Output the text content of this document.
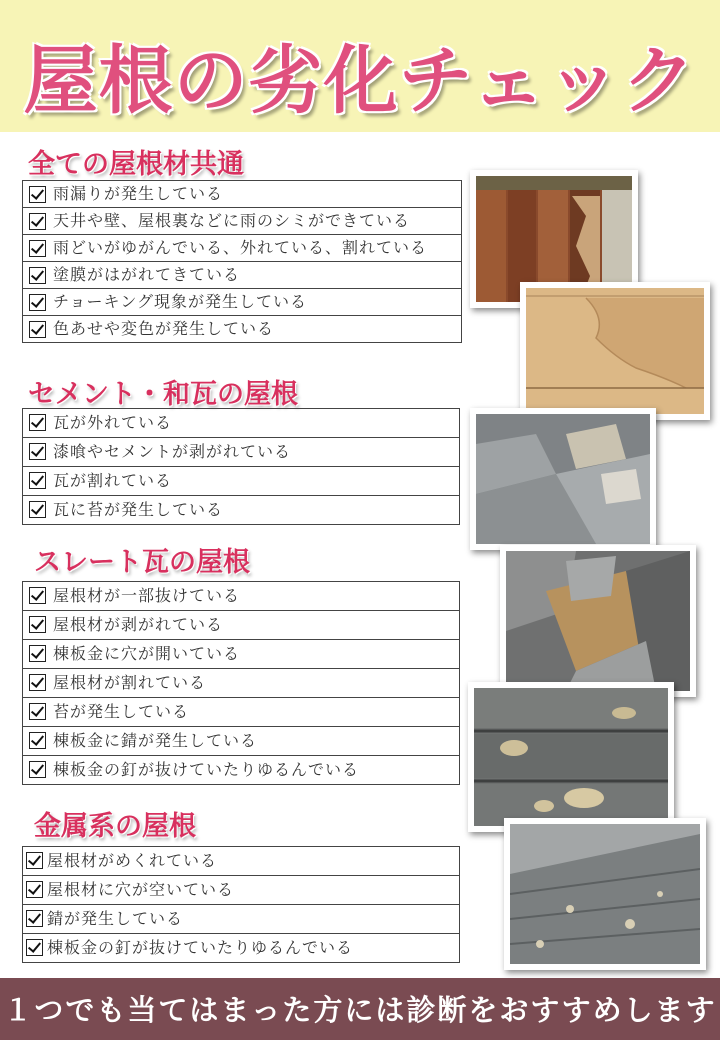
屋根の劣化チェック
全ての屋根材共通
雨漏りが発生している
天井や壁、屋根裏などに雨のシミができている
雨どいがゆがんでいる、外れている、割れている
塗膜がはがれてきている
チョーキング現象が発生している
色あせや変色が発生している
セメント・和瓦の屋根
瓦が外れている
漆喰やセメントが剥がれている
瓦が割れている
瓦に苔が発生している
スレート瓦の屋根
屋根材が一部抜けている
屋根材が剥がれている
棟板金に穴が開いている
屋根材が割れている
苔が発生している
棟板金に錆が発生している
棟板金の釘が抜けていたりゆるんでいる
金属系の屋根
屋根材がめくれている
屋根材に穴が空いている
錆が発生している
棟板金の釘が抜けていたりゆるんでいる
１つでも当てはまった方には診断をおすすめします
